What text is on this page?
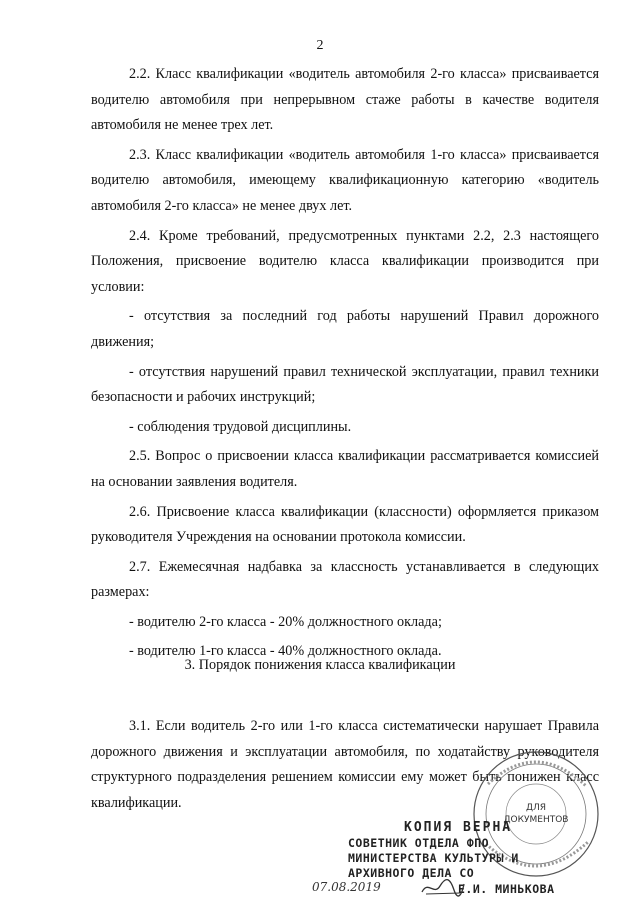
2

2.2. Класс квалификации «водитель автомобиля 2-го класса» присваивается водителю автомобиля при непрерывном стаже работы в качестве водителя автомобиля не менее трех лет.

2.3. Класс квалификации «водитель автомобиля 1-го класса» присваивается водителю автомобиля, имеющему квалификационную категорию «водитель автомобиля 2-го класса» не менее двух лет.

2.4. Кроме требований, предусмотренных пунктами 2.2, 2.3 настоящего Положения, присвоение водителю класса квалификации производится при условии:

- отсутствия за последний год работы нарушений Правил дорожного движения;

- отсутствия нарушений правил технической эксплуатации, правил техники безопасности и рабочих инструкций;

- соблюдения трудовой дисциплины.

2.5. Вопрос о присвоении класса квалификации рассматривается комиссией на основании заявления водителя.

2.6. Присвоение класса квалификации (классности) оформляется приказом руководителя Учреждения на основании протокола комиссии.

2.7. Ежемесячная надбавка за классность устанавливается в следующих размерах:

- водителю 2-го класса - 20% должностного оклада;

- водителю 1-го класса - 40% должностного оклада.

3. Порядок понижения класса квалификации

3.1. Если водитель 2-го или 1-го класса систематически нарушает Правила дорожного движения и эксплуатации автомобиля, по ходатайству руководителя структурного подразделения решением комиссии ему может быть понижен класс квалификации.	ДЛЯ
ДОКУМЕНТОВ
КОПИЯ ВЕРНА
СОВЕТНИК ОТДЕЛА ФПО
МИНИСТЕРСТВА КУЛЬТУРЫ И
АРХИВНОГО ДЕЛА СО
Е.И. МИНЬКОВА
07.08.2019
